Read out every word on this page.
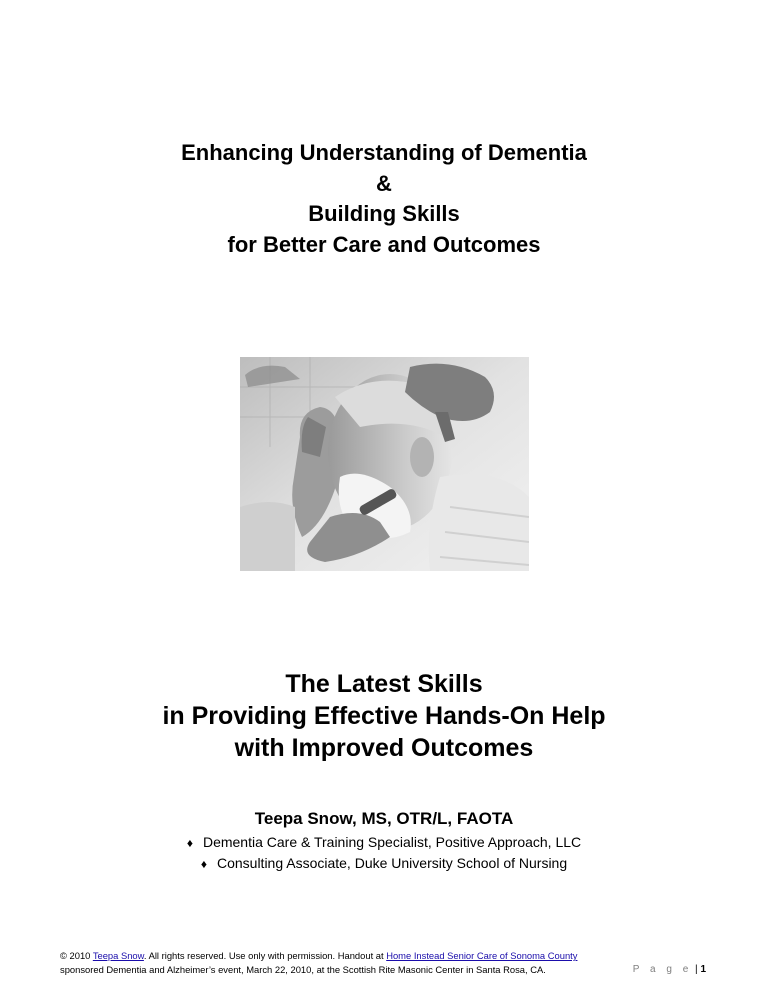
Enhancing Understanding of Dementia
&
Building Skills
for Better Care and Outcomes
The Latest Skills
in Providing Effective Hands-On Help
with Improved Outcomes
Teepa Snow, MS, OTR/L, FAOTA
♦ Dementia Care & Training Specialist, Positive Approach, LLC
♦ Consulting Associate, Duke University School of Nursing
© 2010 Teepa Snow. All rights reserved. Use only with permission. Handout at Home Instead Senior Care of Sonoma County
sponsored Dementia and Alzheimer’s event, March 22, 2010, at the Scottish Rite Masonic Center in Santa Rosa, CA.	P a g e | 1
